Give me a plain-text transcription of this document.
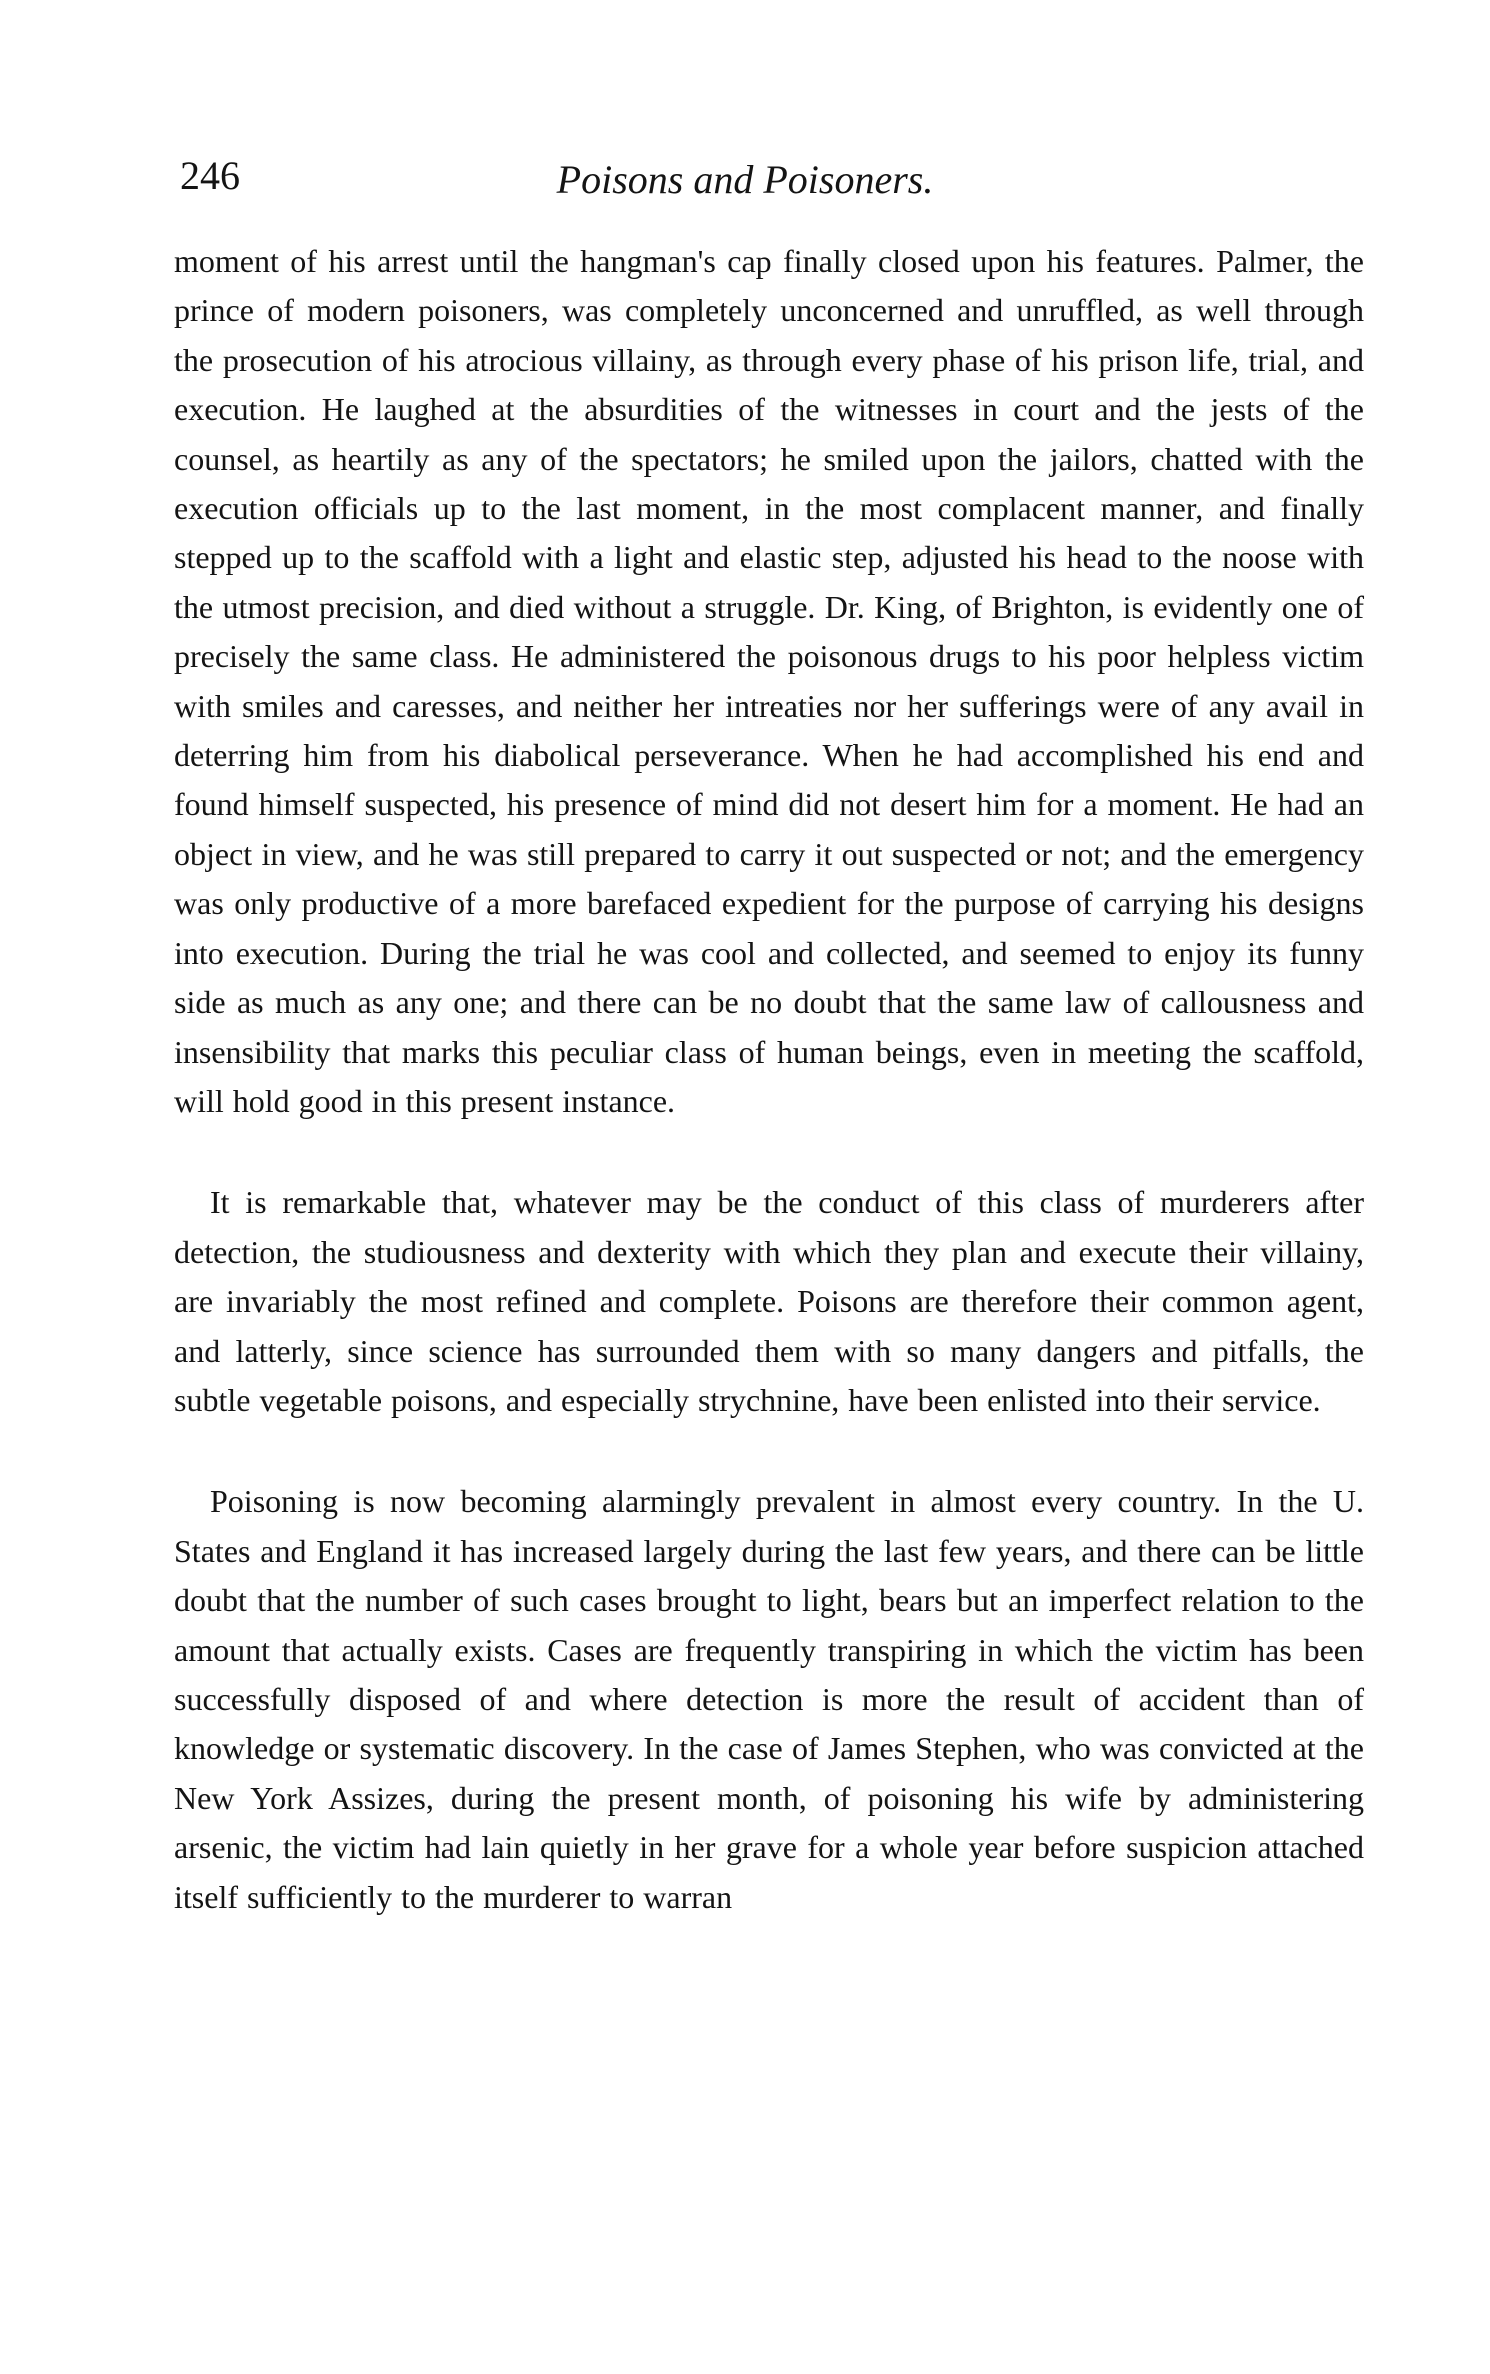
246	Poisons and Poisoners.

moment of his arrest until the hangman's cap finally closed upon his features. Palmer, the prince of modern poisoners, was completely unconcerned and unruffled, as well through the prosecution of his atrocious villainy, as through every phase of his prison life, trial, and execution. He laughed at the absurdities of the witnesses in court and the jests of the counsel, as heartily as any of the spectators; he smiled upon the jailors, chatted with the execution officials up to the last moment, in the most complacent manner, and finally stepped up to the scaffold with a light and elastic step, adjusted his head to the noose with the utmost precision, and died without a struggle. Dr. King, of Brighton, is evidently one of precisely the same class. He administered the poisonous drugs to his poor helpless victim with smiles and caresses, and neither her intreaties nor her sufferings were of any avail in deterring him from his diabolical perseverance. When he had accomplished his end and found himself suspected, his presence of mind did not desert him for a moment. He had an object in view, and he was still prepared to carry it out suspected or not; and the emergency was only productive of a more barefaced expedient for the purpose of carrying his designs into execution. During the trial he was cool and collected, and seemed to enjoy its funny side as much as any one; and there can be no doubt that the same law of callousness and insensibility that marks this peculiar class of human beings, even in meeting the scaffold, will hold good in this present instance.

It is remarkable that, whatever may be the conduct of this class of murderers after detection, the studiousness and dexterity with which they plan and execute their villainy, are invariably the most refined and complete. Poisons are therefore their common agent, and latterly, since science has surrounded them with so many dangers and pitfalls, the subtle vegetable poisons, and especially strychnine, have been enlisted into their service.

Poisoning is now becoming alarmingly prevalent in almost every country. In the U. States and England it has increased largely during the last few years, and there can be little doubt that the number of such cases brought to light, bears but an imperfect relation to the amount that actually exists. Cases are frequently transpiring in which the victim has been successfully disposed of and where detection is more the result of accident than of knowledge or systematic discovery. In the case of James Stephen, who was convicted at the New York Assizes, during the present month, of poisoning his wife by administering arsenic, the victim had lain quietly in her grave for a whole year before suspicion attached itself sufficiently to the murderer to warran
